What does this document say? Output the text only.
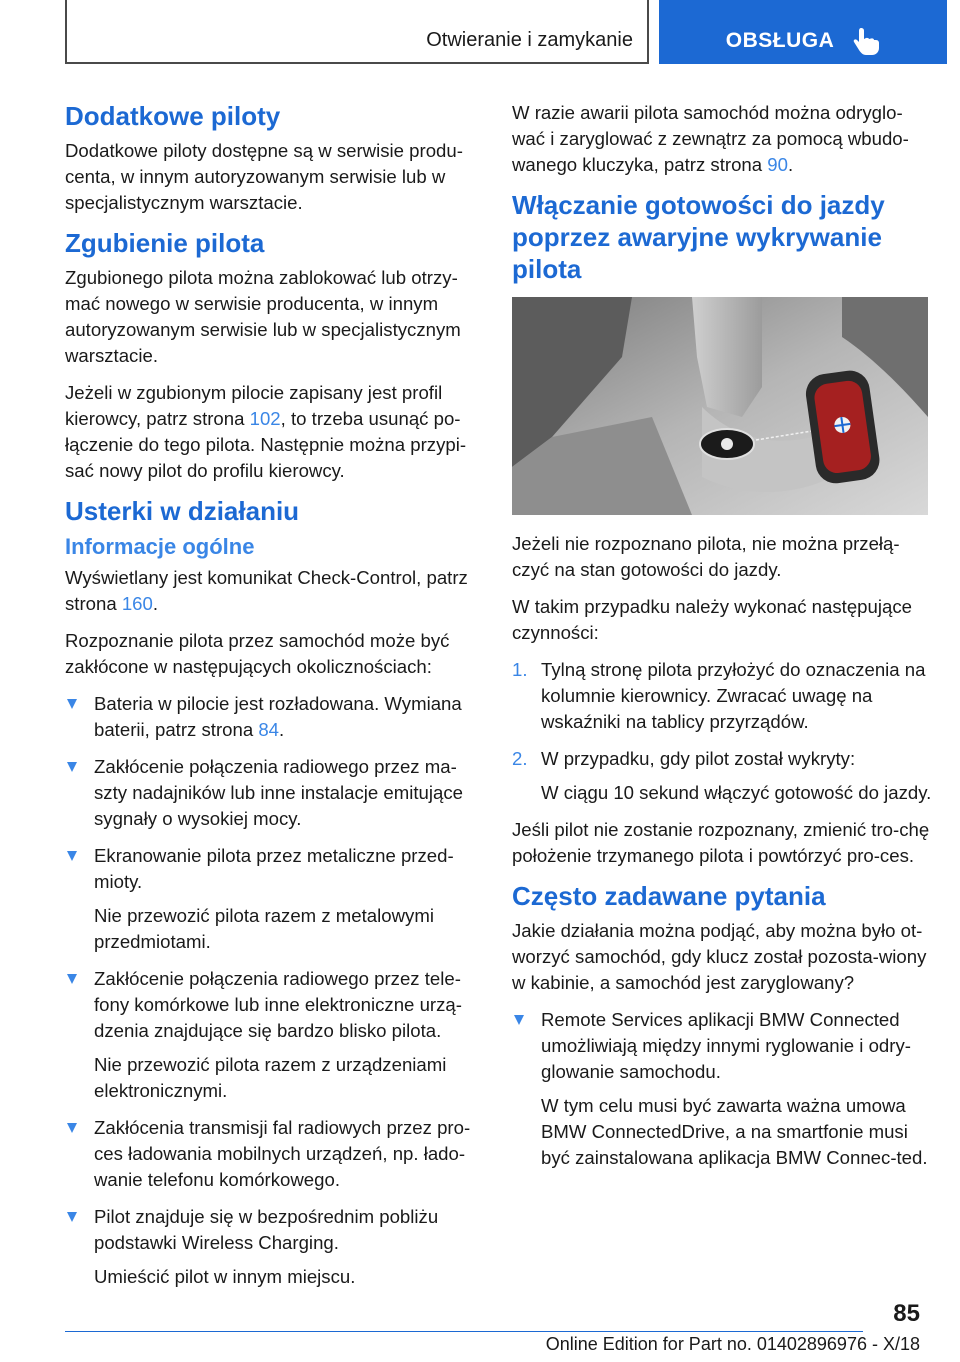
Otwieranie i zamykanie	OBSŁUGA
Dodatkowe piloty

Dodatkowe piloty dostępne są w serwisie produ-centa, w innym autoryzowanym serwisie lub w specjalistycznym warsztacie.

Zgubienie pilota

Zgubionego pilota można zablokować lub otrzy-mać nowego w serwisie producenta, w innym autoryzowanym serwisie lub w specjalistycznym warsztacie.

Jeżeli w zgubionym pilocie zapisany jest profil kierowcy, patrz strona 102, to trzeba usunąć po-łączenie do tego pilota. Następnie można przypi-sać nowy pilot do profilu kierowcy.

Usterki w działaniu
Informacje ogólne

Wyświetlany jest komunikat Check-Control, patrz strona 160.

Rozpoznanie pilota przez samochód może być zakłócone w następujących okolicznościach:

Bateria w pilocie jest rozładowana. Wymiana baterii, patrz strona 84.

Zakłócenie połączenia radiowego przez ma-szty nadajników lub inne instalacje emitujące sygnały o wysokiej mocy.

Ekranowanie pilota przez metaliczne przed-mioty.

Nie przewozić pilota razem z metalowymi przedmiotami.

Zakłócenie połączenia radiowego przez tele-fony komórkowe lub inne elektroniczne urzą-dzenia znajdujące się bardzo blisko pilota.

Nie przewozić pilota razem z urządzeniami elektronicznymi.

Zakłócenia transmisji fal radiowych przez pro-ces ładowania mobilnych urządzeń, np. łado-wanie telefonu komórkowego.

Pilot znajduje się w bezpośrednim pobliżu podstawki Wireless Charging.

Umieścić pilot w innym miejscu.

W razie awarii pilota samochód można odryglo-wać i zaryglować z zewnątrz za pomocą wbudo-wanego kluczyka, patrz strona 90.

Włączanie gotowości do jazdy poprzez awaryjne wykrywanie pilota

Jeżeli nie rozpoznano pilota, nie można przełą-czyć na stan gotowości do jazdy.

W takim przypadku należy wykonać następujące czynności:

1. Tylną stronę pilota przyłożyć do oznaczenia na kolumnie kierownicy. Zwracać uwagę na wskaźniki na tablicy przyrządów.

2. W przypadku, gdy pilot został wykryty:

W ciągu 10 sekund włączyć gotowość do jazdy.

Jeśli pilot nie zostanie rozpoznany, zmienić tro-chę położenie trzymanego pilota i powtórzyć pro-ces.

Często zadawane pytania

Jakie działania można podjąć, aby można było ot-worzyć samochód, gdy klucz został pozosta-wiony w kabinie, a samochód jest zaryglowany?

Remote Services aplikacji BMW Connected umożliwiają między innymi ryglowanie i odry-glowanie samochodu.

W tym celu musi być zawarta ważna umowa BMW ConnectedDrive, a na smartfonie musi być zainstalowana aplikacja BMW Connec-ted.

85
Online Edition for Part no. 01402896976 - X/18
